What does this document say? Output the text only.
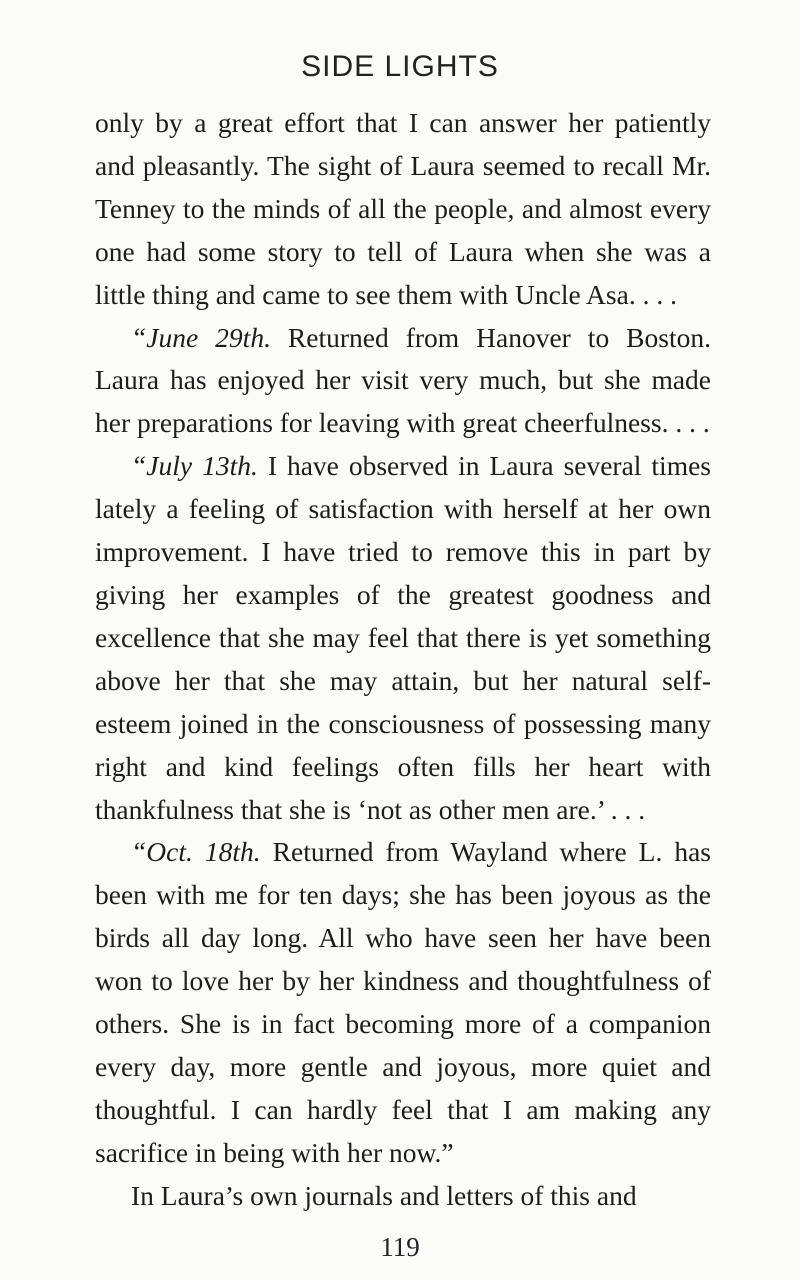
SIDE LIGHTS

only by a great effort that I can answer her patiently and pleasantly. The sight of Laura seemed to recall Mr. Tenney to the minds of all the people, and almost every one had some story to tell of Laura when she was a little thing and came to see them with Uncle Asa. . . .

“June 29th. Returned from Hanover to Boston. Laura has enjoyed her visit very much, but she made her preparations for leaving with great cheerfulness. . . .

“July 13th. I have observed in Laura several times lately a feeling of satisfaction with herself at her own improvement. I have tried to remove this in part by giving her examples of the greatest goodness and excellence that she may feel that there is yet something above her that she may attain, but her natural self-esteem joined in the consciousness of possessing many right and kind feelings often fills her heart with thankfulness that she is ‘not as other men are.’ . . .

“Oct. 18th. Returned from Wayland where L. has been with me for ten days; she has been joyous as the birds all day long. All who have seen her have been won to love her by her kindness and thoughtfulness of others. She is in fact becoming more of a companion every day, more gentle and joyous, more quiet and thoughtful. I can hardly feel that I am making any sacrifice in being with her now.”

In Laura’s own journals and letters of this and

119
